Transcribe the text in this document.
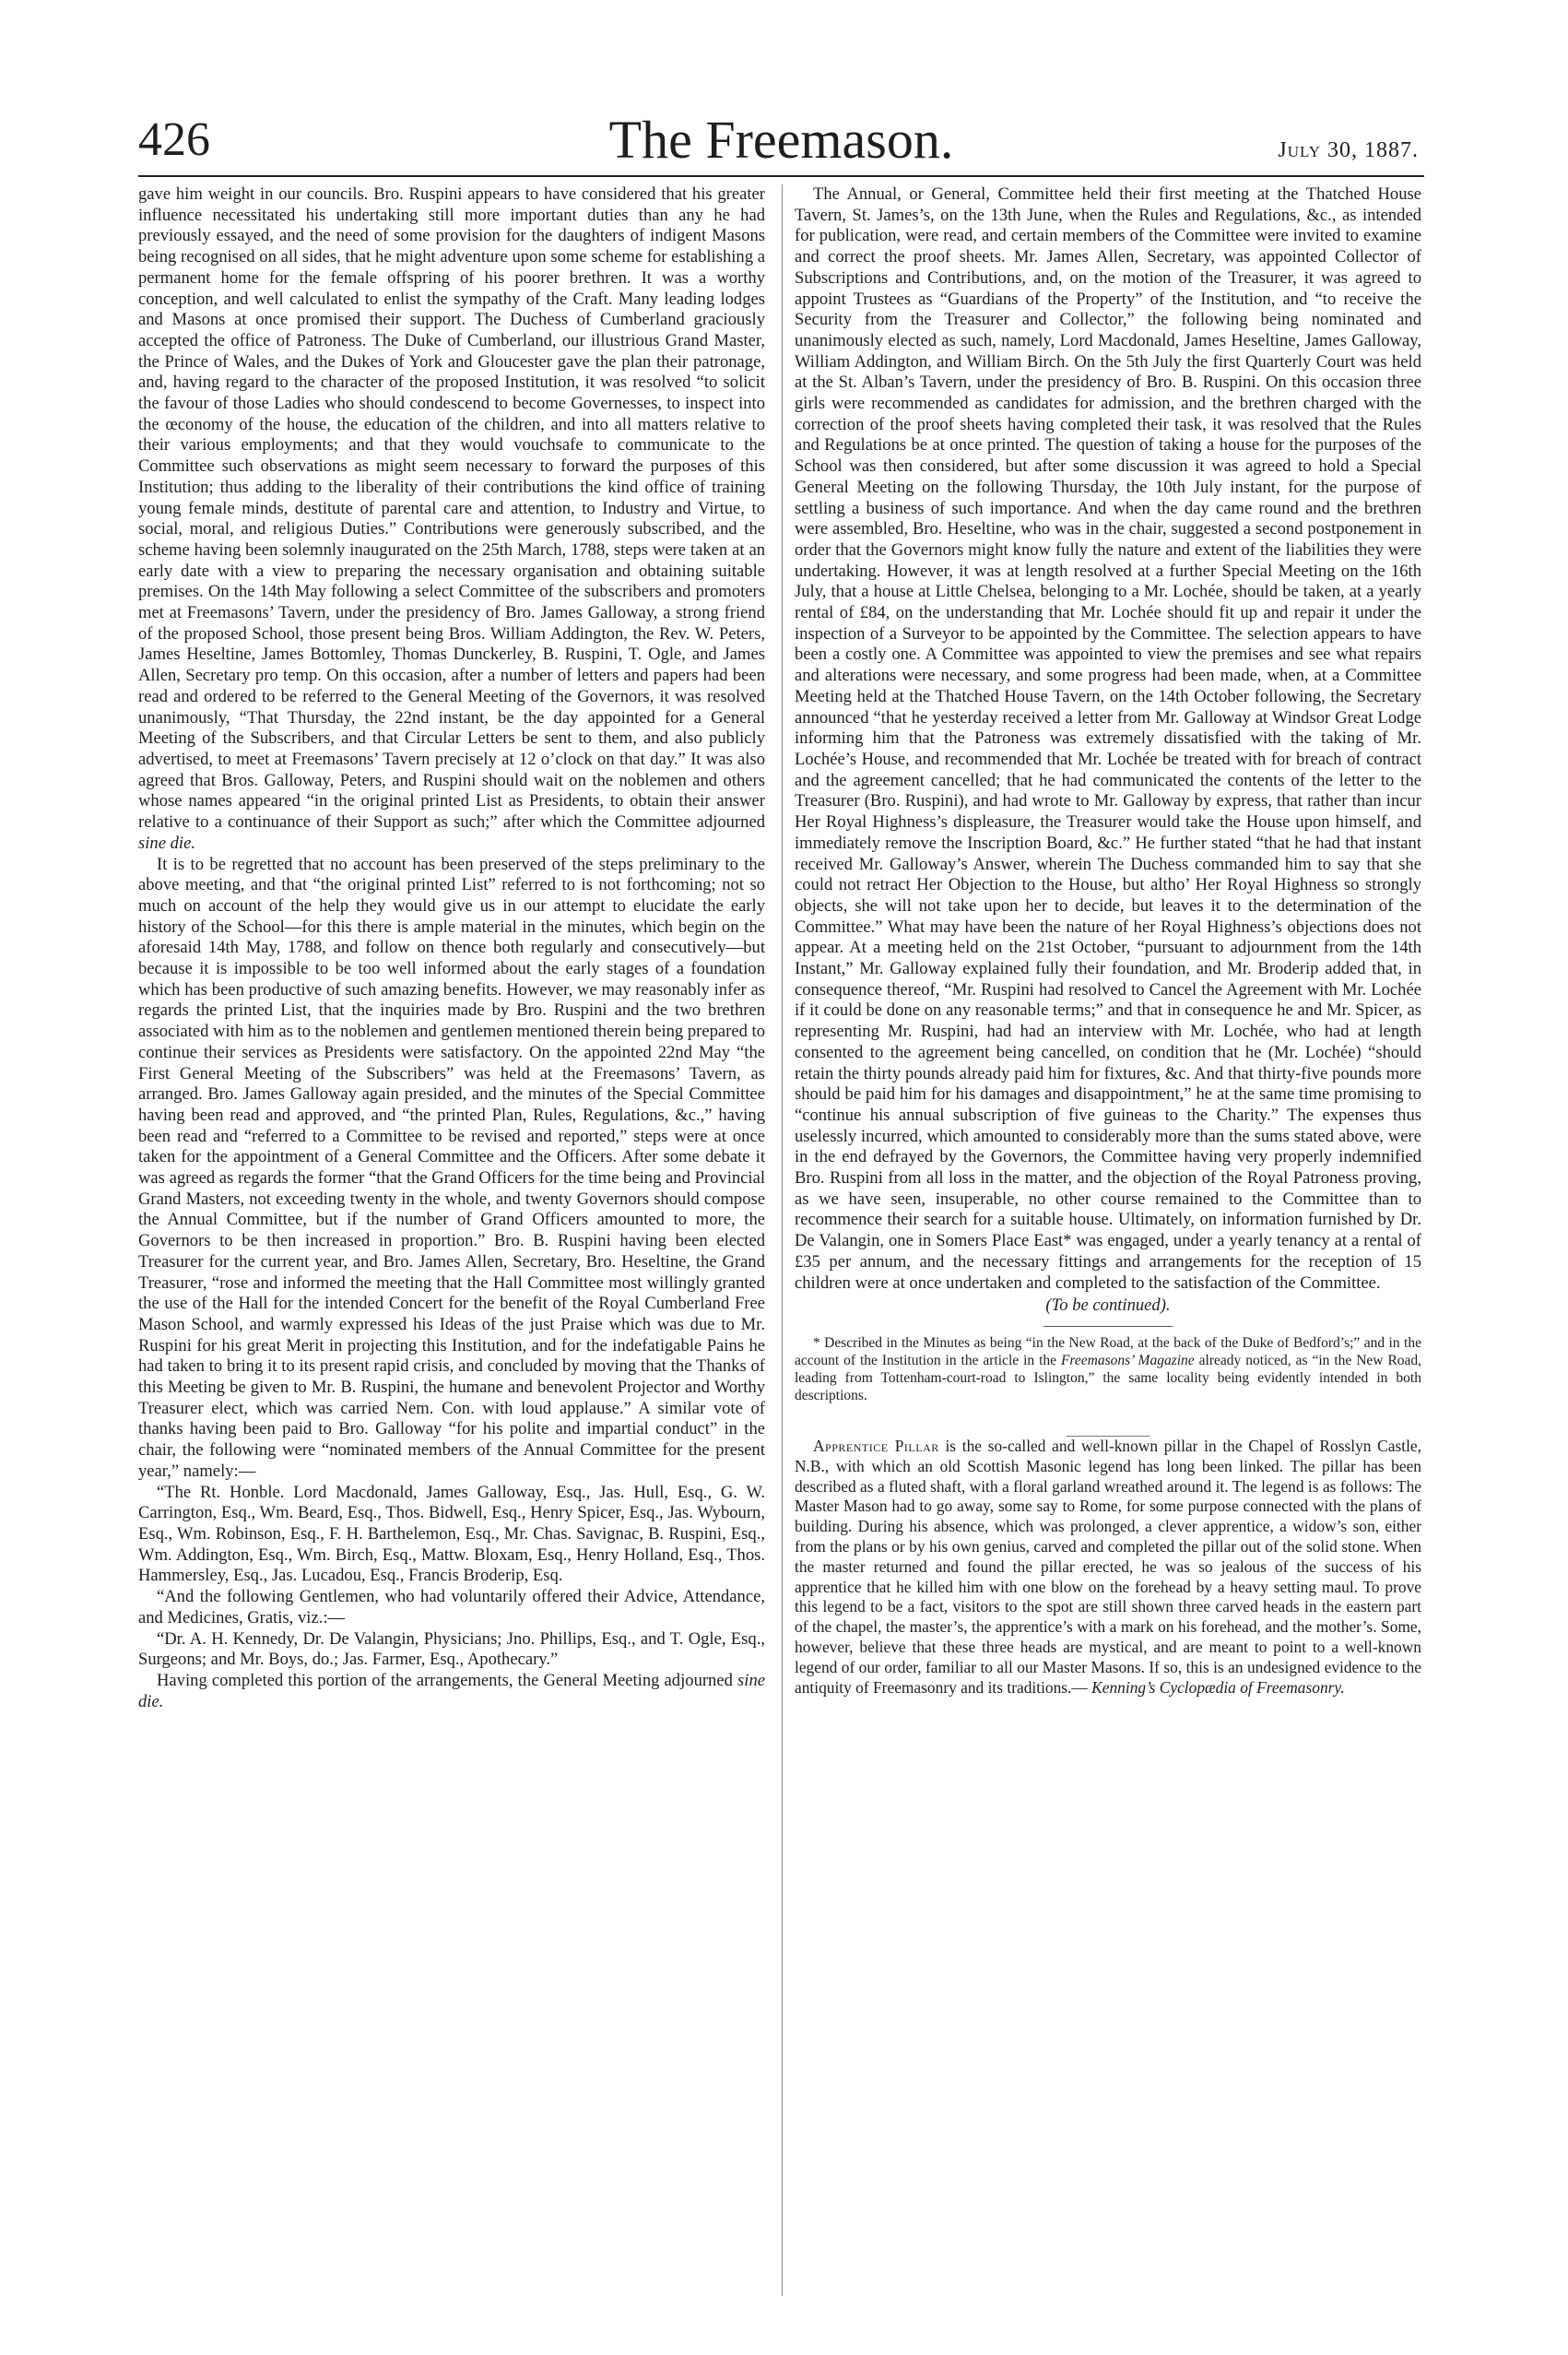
426	The Freemason.	July 30, 1887.

gave him weight in our councils. Bro. Ruspini appears to have considered that his greater influence necessitated his undertaking still more important duties than any he had previously essayed, and the need of some provision for the daughters of indigent Masons being recognised on all sides, that he might adventure upon some scheme for establishing a permanent home for the female offspring of his poorer brethren. It was a worthy conception, and well calculated to enlist the sympathy of the Craft. Many leading lodges and Masons at once promised their support. The Duchess of Cumberland graciously accepted the office of Patroness. The Duke of Cumberland, our illustrious Grand Master, the Prince of Wales, and the Dukes of York and Gloucester gave the plan their patronage, and, having regard to the character of the proposed Institution, it was resolved “to solicit the favour of those Ladies who should condescend to become Governesses, to inspect into the œconomy of the house, the education of the children, and into all matters relative to their various employments; and that they would vouchsafe to communicate to the Committee such observations as might seem necessary to forward the purposes of this Institution; thus adding to the liberality of their contributions the kind office of training young female minds, destitute of parental care and attention, to Industry and Virtue, to social, moral, and religious Duties.” Contributions were generously subscribed, and the scheme having been solemnly inaugurated on the 25th March, 1788, steps were taken at an early date with a view to preparing the necessary organisation and obtaining suitable premises. On the 14th May following a select Committee of the subscribers and promoters met at Freemasons’ Tavern, under the presidency of Bro. James Galloway, a strong friend of the proposed School, those present being Bros. William Addington, the Rev. W. Peters, James Heseltine, James Bottomley, Thomas Dunckerley, B. Ruspini, T. Ogle, and James Allen, Secretary pro temp. On this occasion, after a number of letters and papers had been read and ordered to be referred to the General Meeting of the Governors, it was resolved unanimously, “That Thursday, the 22nd instant, be the day appointed for a General Meeting of the Subscribers, and that Circular Letters be sent to them, and also publicly advertised, to meet at Freemasons’ Tavern precisely at 12 o’clock on that day.” It was also agreed that Bros. Galloway, Peters, and Ruspini should wait on the noblemen and others whose names appeared “in the original printed List as Presidents, to obtain their answer relative to a continuance of their Support as such;” after which the Committee adjourned sine die.

It is to be regretted that no account has been preserved of the steps preliminary to the above meeting, and that “the original printed List” referred to is not forthcoming; not so much on account of the help they would give us in our attempt to elucidate the early history of the School—for this there is ample material in the minutes, which begin on the aforesaid 14th May, 1788, and follow on thence both regularly and consecutively—but because it is impossible to be too well informed about the early stages of a foundation which has been productive of such amazing benefits. However, we may reasonably infer as regards the printed List, that the inquiries made by Bro. Ruspini and the two brethren associated with him as to the noblemen and gentlemen mentioned therein being prepared to continue their services as Presidents were satisfactory. On the appointed 22nd May “the First General Meeting of the Subscribers” was held at the Freemasons’ Tavern, as arranged. Bro. James Galloway again presided, and the minutes of the Special Committee having been read and approved, and “the printed Plan, Rules, Regulations, &c.,” having been read and “referred to a Committee to be revised and reported,” steps were at once taken for the appointment of a General Committee and the Officers. After some debate it was agreed as regards the former “that the Grand Officers for the time being and Provincial Grand Masters, not exceeding twenty in the whole, and twenty Governors should compose the Annual Committee, but if the number of Grand Officers amounted to more, the Governors to be then increased in proportion.” Bro. B. Ruspini having been elected Treasurer for the current year, and Bro. James Allen, Secretary, Bro. Heseltine, the Grand Treasurer, “rose and informed the meeting that the Hall Committee most willingly granted the use of the Hall for the intended Concert for the benefit of the Royal Cumberland Free Mason School, and warmly expressed his Ideas of the just Praise which was due to Mr. Ruspini for his great Merit in projecting this Institution, and for the indefatigable Pains he had taken to bring it to its present rapid crisis, and concluded by moving that the Thanks of this Meeting be given to Mr. B. Ruspini, the humane and benevolent Projector and Worthy Treasurer elect, which was carried Nem. Con. with loud applause.” A similar vote of thanks having been paid to Bro. Galloway “for his polite and impartial conduct” in the chair, the following were “nominated members of the Annual Committee for the present year,” namely:—

“The Rt. Honble. Lord Macdonald, James Galloway, Esq., Jas. Hull, Esq., G. W. Carrington, Esq., Wm. Beard, Esq., Thos. Bidwell, Esq., Henry Spicer, Esq., Jas. Wybourn, Esq., Wm. Robinson, Esq., F. H. Barthelemon, Esq., Mr. Chas. Savignac, B. Ruspini, Esq., Wm. Addington, Esq., Wm. Birch, Esq., Mattw. Bloxam, Esq., Henry Holland, Esq., Thos. Hammersley, Esq., Jas. Lucadou, Esq., Francis Broderip, Esq.

“And the following Gentlemen, who had voluntarily offered their Advice, Attendance, and Medicines, Gratis, viz.:—

“Dr. A. H. Kennedy, Dr. De Valangin, Physicians; Jno. Phillips, Esq., and T. Ogle, Esq., Surgeons; and Mr. Boys, do.; Jas. Farmer, Esq., Apothecary.”

Having completed this portion of the arrangements, the General Meeting adjourned sine die.

The Annual, or General, Committee held their first meeting at the Thatched House Tavern, St. James’s, on the 13th June, when the Rules and Regulations, &c., as intended for publication, were read, and certain members of the Committee were invited to examine and correct the proof sheets. Mr. James Allen, Secretary, was appointed Collector of Subscriptions and Contributions, and, on the motion of the Treasurer, it was agreed to appoint Trustees as “Guardians of the Property” of the Institution, and “to receive the Security from the Treasurer and Collector,” the following being nominated and unanimously elected as such, namely, Lord Macdonald, James Heseltine, James Galloway, William Addington, and William Birch. On the 5th July the first Quarterly Court was held at the St. Alban’s Tavern, under the presidency of Bro. B. Ruspini. On this occasion three girls were recommended as candidates for admission, and the brethren charged with the correction of the proof sheets having completed their task, it was resolved that the Rules and Regulations be at once printed. The question of taking a house for the purposes of the School was then considered, but after some discussion it was agreed to hold a Special General Meeting on the following Thursday, the 10th July instant, for the purpose of settling a business of such importance. And when the day came round and the brethren were assembled, Bro. Heseltine, who was in the chair, suggested a second postponement in order that the Governors might know fully the nature and extent of the liabilities they were undertaking. However, it was at length resolved at a further Special Meeting on the 16th July, that a house at Little Chelsea, belonging to a Mr. Lochée, should be taken, at a yearly rental of £84, on the understanding that Mr. Lochée should fit up and repair it under the inspection of a Surveyor to be appointed by the Committee. The selection appears to have been a costly one. A Committee was appointed to view the premises and see what repairs and alterations were necessary, and some progress had been made, when, at a Committee Meeting held at the Thatched House Tavern, on the 14th October following, the Secretary announced “that he yesterday received a letter from Mr. Galloway at Windsor Great Lodge informing him that the Patroness was extremely dissatisfied with the taking of Mr. Lochée’s House, and recommended that Mr. Lochée be treated with for breach of contract and the agreement cancelled; that he had communicated the contents of the letter to the Treasurer (Bro. Ruspini), and had wrote to Mr. Galloway by express, that rather than incur Her Royal Highness’s displeasure, the Treasurer would take the House upon himself, and immediately remove the Inscription Board, &c.” He further stated “that he had that instant received Mr. Galloway’s Answer, wherein The Duchess commanded him to say that she could not retract Her Objection to the House, but altho’ Her Royal Highness so strongly objects, she will not take upon her to decide, but leaves it to the determination of the Committee.” What may have been the nature of her Royal Highness’s objections does not appear. At a meeting held on the 21st October, “pursuant to adjournment from the 14th Instant,” Mr. Galloway explained fully their foundation, and Mr. Broderip added that, in consequence thereof, “Mr. Ruspini had resolved to Cancel the Agreement with Mr. Lochée if it could be done on any reasonable terms;” and that in consequence he and Mr. Spicer, as representing Mr. Ruspini, had had an interview with Mr. Lochée, who had at length consented to the agreement being cancelled, on condition that he (Mr. Lochée) “should retain the thirty pounds already paid him for fixtures, &c. And that thirty-five pounds more should be paid him for his damages and disappointment,” he at the same time promising to “continue his annual subscription of five guineas to the Charity.” The expenses thus uselessly incurred, which amounted to considerably more than the sums stated above, were in the end defrayed by the Governors, the Committee having very properly indemnified Bro. Ruspini from all loss in the matter, and the objection of the Royal Patroness proving, as we have seen, insuperable, no other course remained to the Committee than to recommence their search for a suitable house. Ultimately, on information furnished by Dr. De Valangin, one in Somers Place East* was engaged, under a yearly tenancy at a rental of £35 per annum, and the necessary fittings and arrangements for the reception of 15 children were at once undertaken and completed to the satisfaction of the Committee.

(To be continued).

* Described in the Minutes as being “in the New Road, at the back of the Duke of Bedford’s;” and in the account of the Institution in the article in the Freemasons’ Magazine already noticed, as “in the New Road, leading from Tottenham-court-road to Islington,” the same locality being evidently intended in both descriptions.

Apprentice Pillar is the so-called and well-known pillar in the Chapel of Rosslyn Castle, N.B., with which an old Scottish Masonic legend has long been linked. The pillar has been described as a fluted shaft, with a floral garland wreathed around it. The legend is as follows: The Master Mason had to go away, some say to Rome, for some purpose connected with the plans of building. During his absence, which was prolonged, a clever apprentice, a widow’s son, either from the plans or by his own genius, carved and completed the pillar out of the solid stone. When the master returned and found the pillar erected, he was so jealous of the success of his apprentice that he killed him with one blow on the forehead by a heavy setting maul. To prove this legend to be a fact, visitors to the spot are still shown three carved heads in the eastern part of the chapel, the master’s, the apprentice’s with a mark on his forehead, and the mother’s. Some, however, believe that these three heads are mystical, and are meant to point to a well-known legend of our order, familiar to all our Master Masons. If so, this is an undesigned evidence to the antiquity of Freemasonry and its traditions.— Kenning’s Cyclopædia of Freemasonry.
